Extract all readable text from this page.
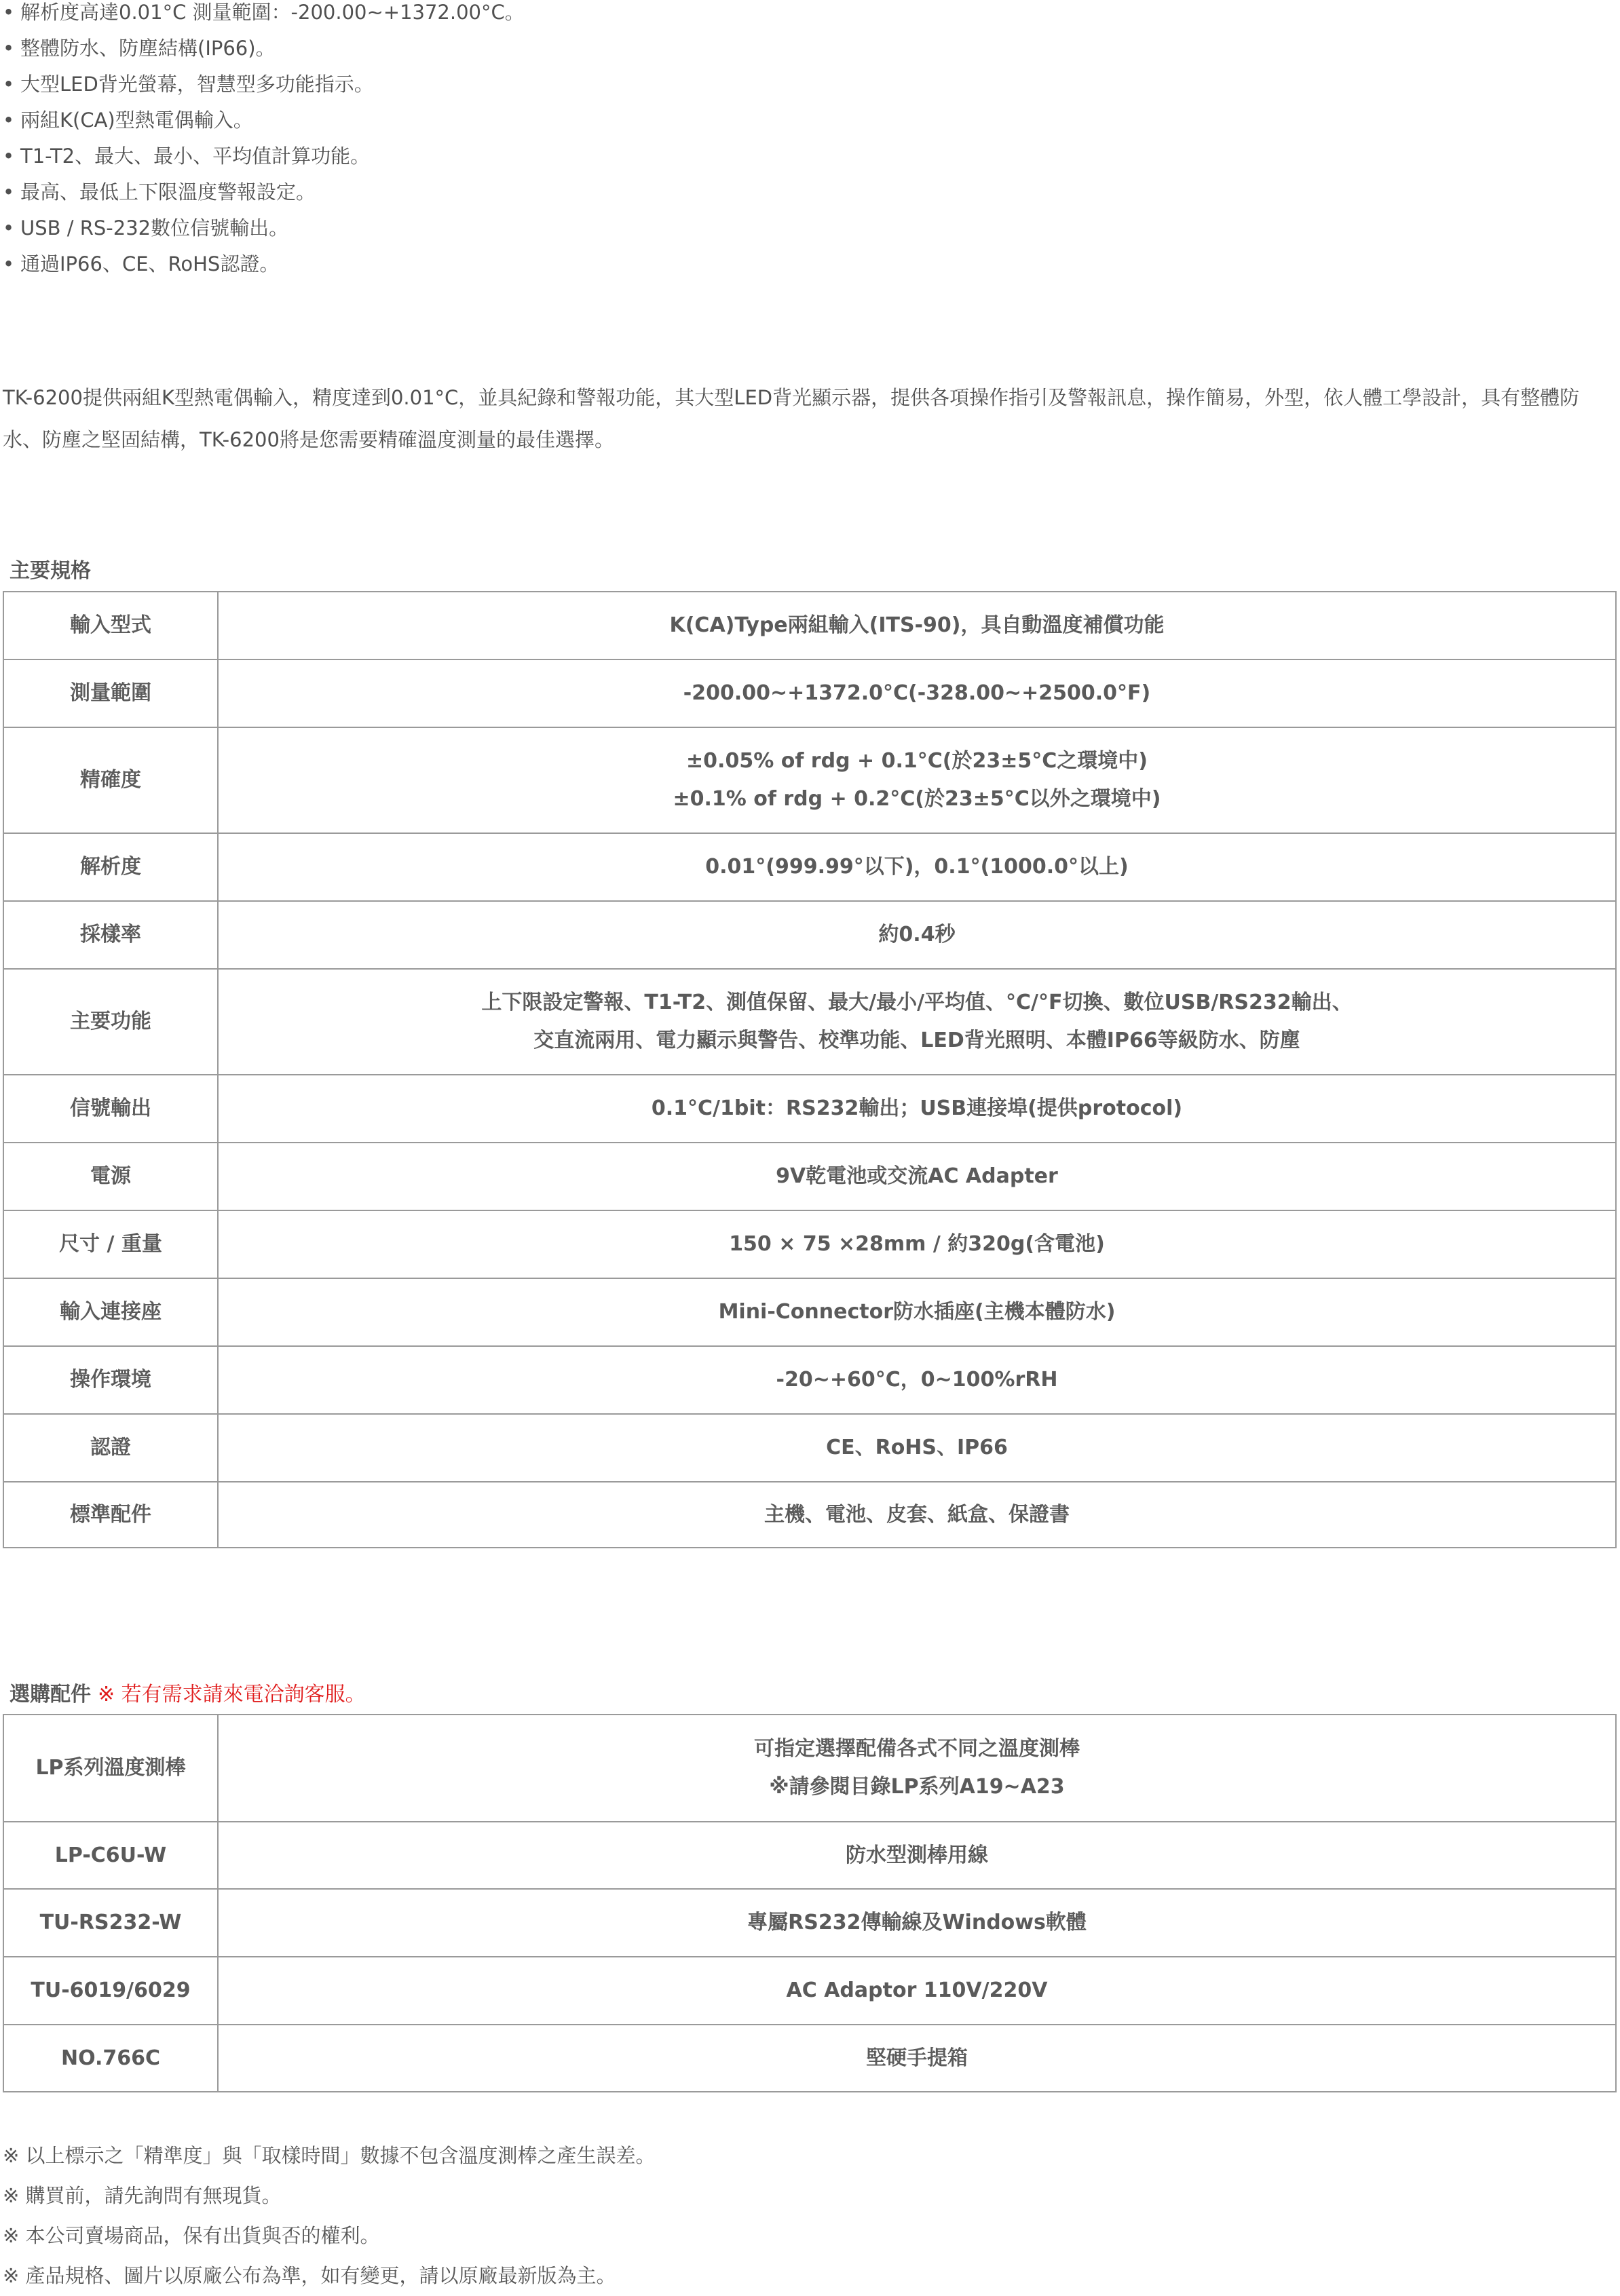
• 解析度高達0.01°C 測量範圍：-200.00~+1372.00°C。
• 整體防水、防塵結構(IP66)。
• 大型LED背光螢幕，智慧型多功能指示。
• 兩組K(CA)型熱電偶輸入。
• T1-T2、最大、最小、平均值計算功能。
• 最高、最低上下限溫度警報設定。
• USB / RS-232數位信號輸出。
• 通過IP66、CE、RoHS認證。
TK-6200提供兩組K型熱電偶輸入，精度達到0.01°C，並具紀錄和警報功能，其大型LED背光顯示器，提供各項操作指引及警報訊息，操作簡易，外型，依人體工學設計，具有整體防水、防塵之堅固結構，TK-6200將是您需要精確溫度測量的最佳選擇。
主要規格
輸入型式	K(CA)Type兩組輸入(ITS-90)，具自動溫度補償功能

測量範圍	-200.00~+1372.0°C(-328.00~+2500.0°F)

精確度	±0.05% of rdg + 0.1°C(於23±5°C之環境中)
±0.1% of rdg + 0.2°C(於23±5°C以外之環境中)

解析度	0.01°(999.99°以下)，0.1°(1000.0°以上)

採樣率	約0.4秒

主要功能	上下限設定警報、T1-T2、測值保留、最大/最小/平均值、°C/°F切換、數位USB/RS232輸出、
交直流兩用、電力顯示與警告、校準功能、LED背光照明、本體IP66等級防水、防塵

信號輸出	0.1°C/1bit：RS232輸出；USB連接埠(提供protocol)

電源	9V乾電池或交流AC Adapter

尺寸 / 重量	150 × 75 ×28mm / 約320g(含電池)

輸入連接座	Mini-Connector防水插座(主機本體防水)

操作環境	-20~+60°C，0~100%rRH

認證	CE、RoHS、IP66

標準配件	主機、電池、皮套、紙盒、保證書
選購配件 ※ 若有需求請來電洽詢客服。
LP系列溫度測棒	可指定選擇配備各式不同之溫度測棒
※請參閱目錄LP系列A19~A23

LP-C6U-W	防水型測棒用線

TU-RS232-W	專屬RS232傳輸線及Windows軟體

TU-6019/6029	AC Adaptor 110V/220V

NO.766C	堅硬手提箱
※ 以上標示之「精準度」與「取樣時間」數據不包含溫度測棒之產生誤差。
※ 購買前，請先詢問有無現貨。
※ 本公司賣場商品，保有出貨與否的權利。
※ 產品規格、圖片以原廠公布為準，如有變更，請以原廠最新版為主。
